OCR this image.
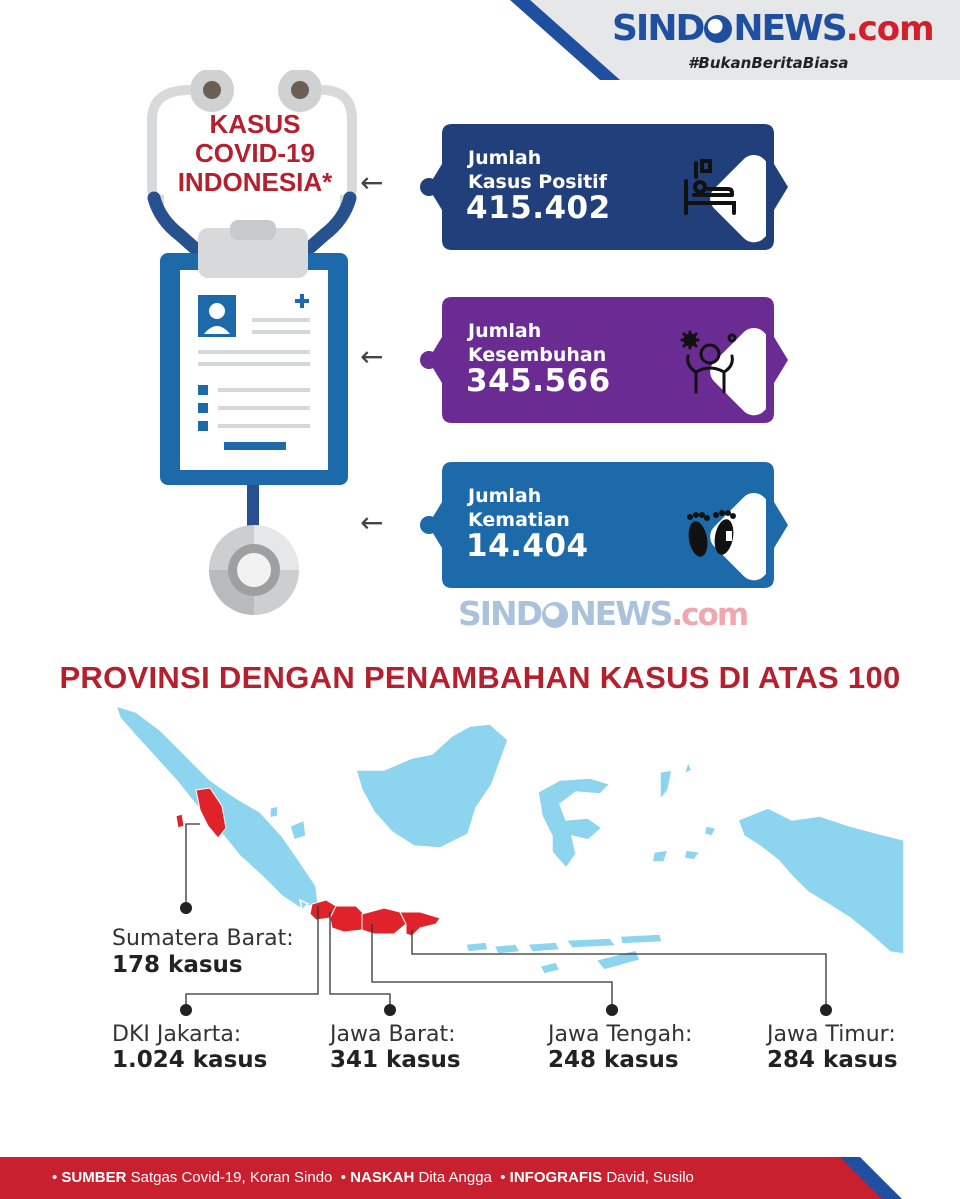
SIND NEWS.com
#BukanBeritaBiasa
KASUS
COVID-19
INDONESIA* ←
Jumlah
Kasus Positif
415.402
←
Jumlah
Kesembuhan
345.566
←
Jumlah
Kematian
14.404
SIND NEWS.com
PROVINSI DENGAN PENAMBAHAN KASUS DI ATAS 100
Sumatera Barat:
178 kasus
DKI Jakarta:
1.024 kasus
Jawa Barat:
341 kasus
Jawa Tengah:
248 kasus
Jawa Timur:
284 kasus
• SUMBER Satgas Covid-19, Koran Sindo  • NASKAH Dita Angga  • INFOGRAFIS David, Susilo
